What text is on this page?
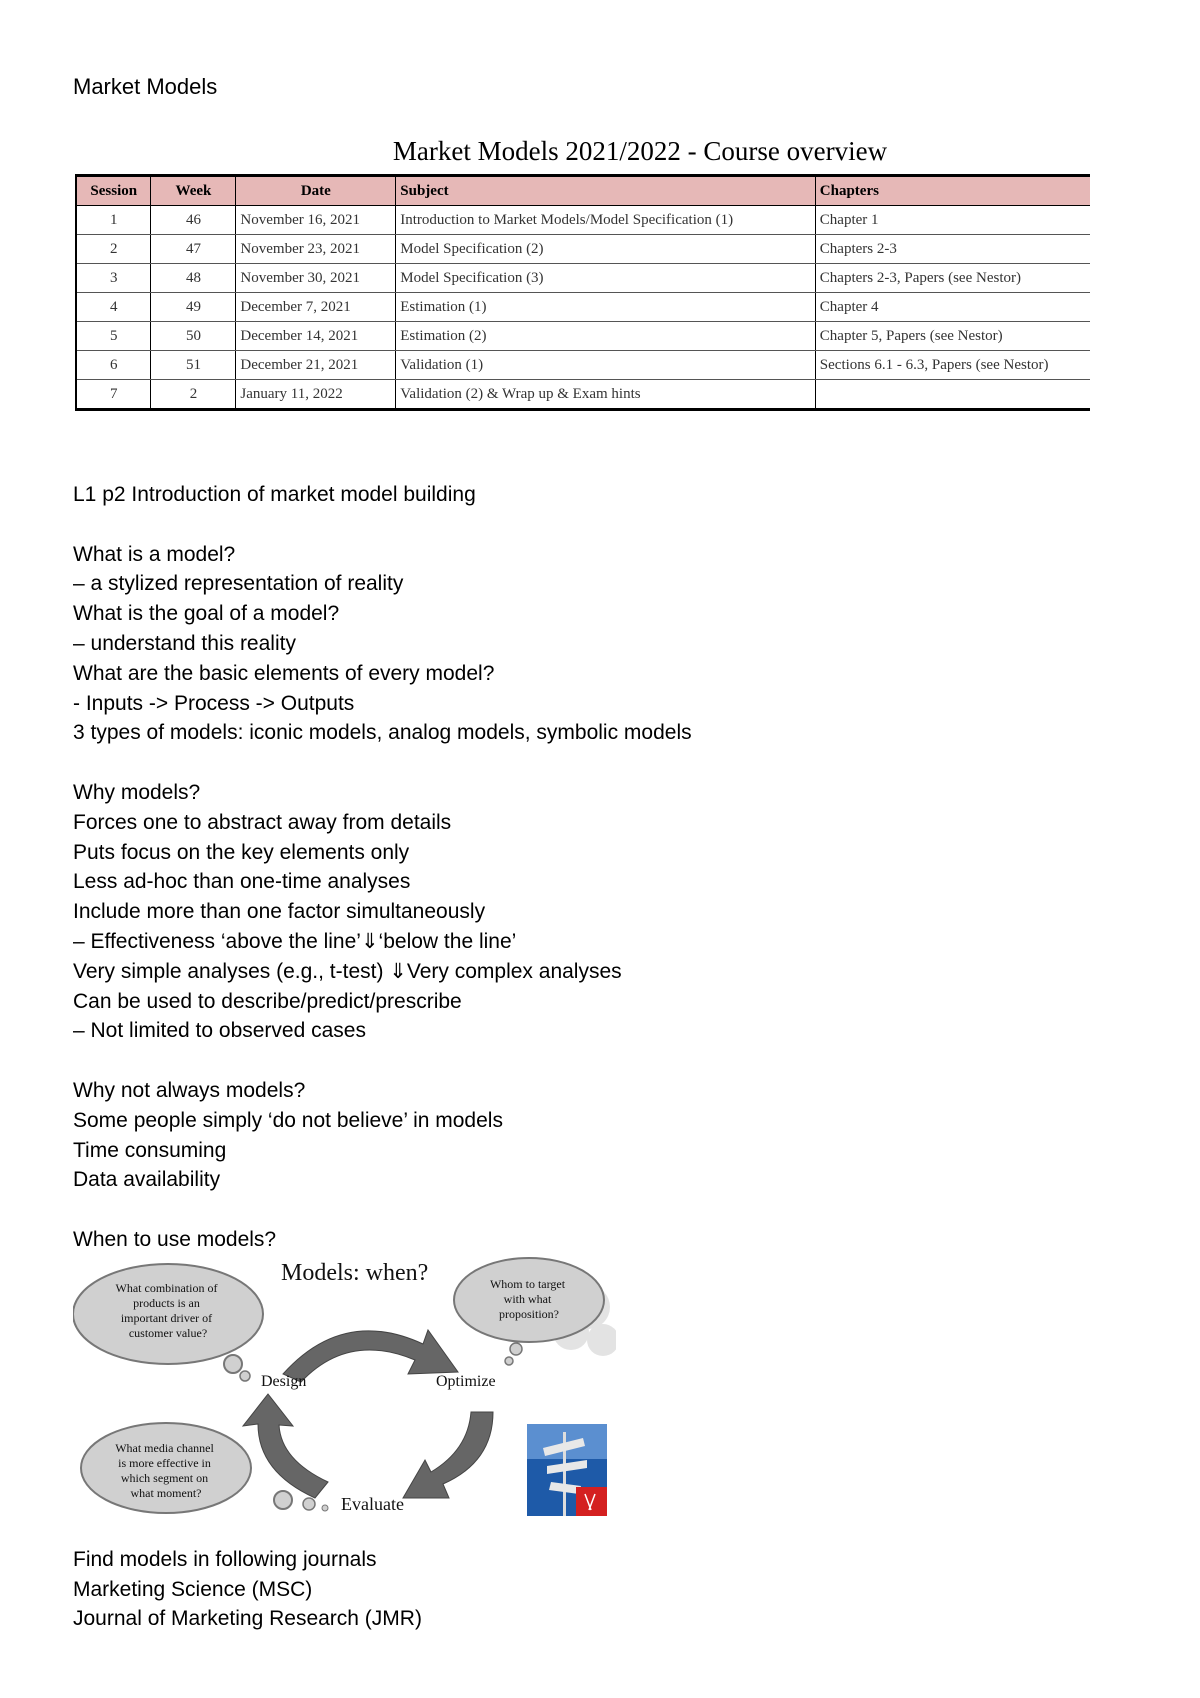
Market Models
Market Models 2021/2022 - Course overview
Session	Week	Date	Subject	Chapters
1	46	November 16, 2021	Introduction to Market Models/Model Specification (1)	Chapter 1
2	47	November 23, 2021	Model Specification (2)	Chapters 2-3
3	48	November 30, 2021	Model Specification (3)	Chapters 2-3, Papers (see Nestor)
4	49	December 7, 2021	Estimation (1)	Chapter 4
5	50	December 14, 2021	Estimation (2)	Chapter 5, Papers (see Nestor)
6	51	December 21, 2021	Validation (1)	Sections 6.1 - 6.3, Papers (see Nestor)
7	2	January 11, 2022	Validation (2) & Wrap up & Exam hints	

L1 p2 Introduction of market model building

What is a model?

– a stylized representation of reality

What is the goal of a model?

– understand this reality

What are the basic elements of every model?

- Inputs -> Process -> Outputs

3 types of models: iconic models, analog models, symbolic models

Why models?

Forces one to abstract away from details

Puts focus on the key elements only

Less ad-hoc than one-time analyses

Include more than one factor simultaneously

– Effectiveness ‘above the line’⇓‘below the line’

Very simple analyses (e.g., t-test) ⇓Very complex analyses

Can be used to describe/predict/prescribe

– Not limited to observed cases

Why not always models?

Some people simply ‘do not believe’ in models

Time consuming

Data availability

When to use models?

Models: when?
What combination of products is an important driver of customer value?
Whom to target with what proposition?
What media channel is more effective in which segment on what moment?
Design	Optimize
Evaluate

Find models in following journals

Marketing Science (MSC)

Journal of Marketing Research (JMR)
